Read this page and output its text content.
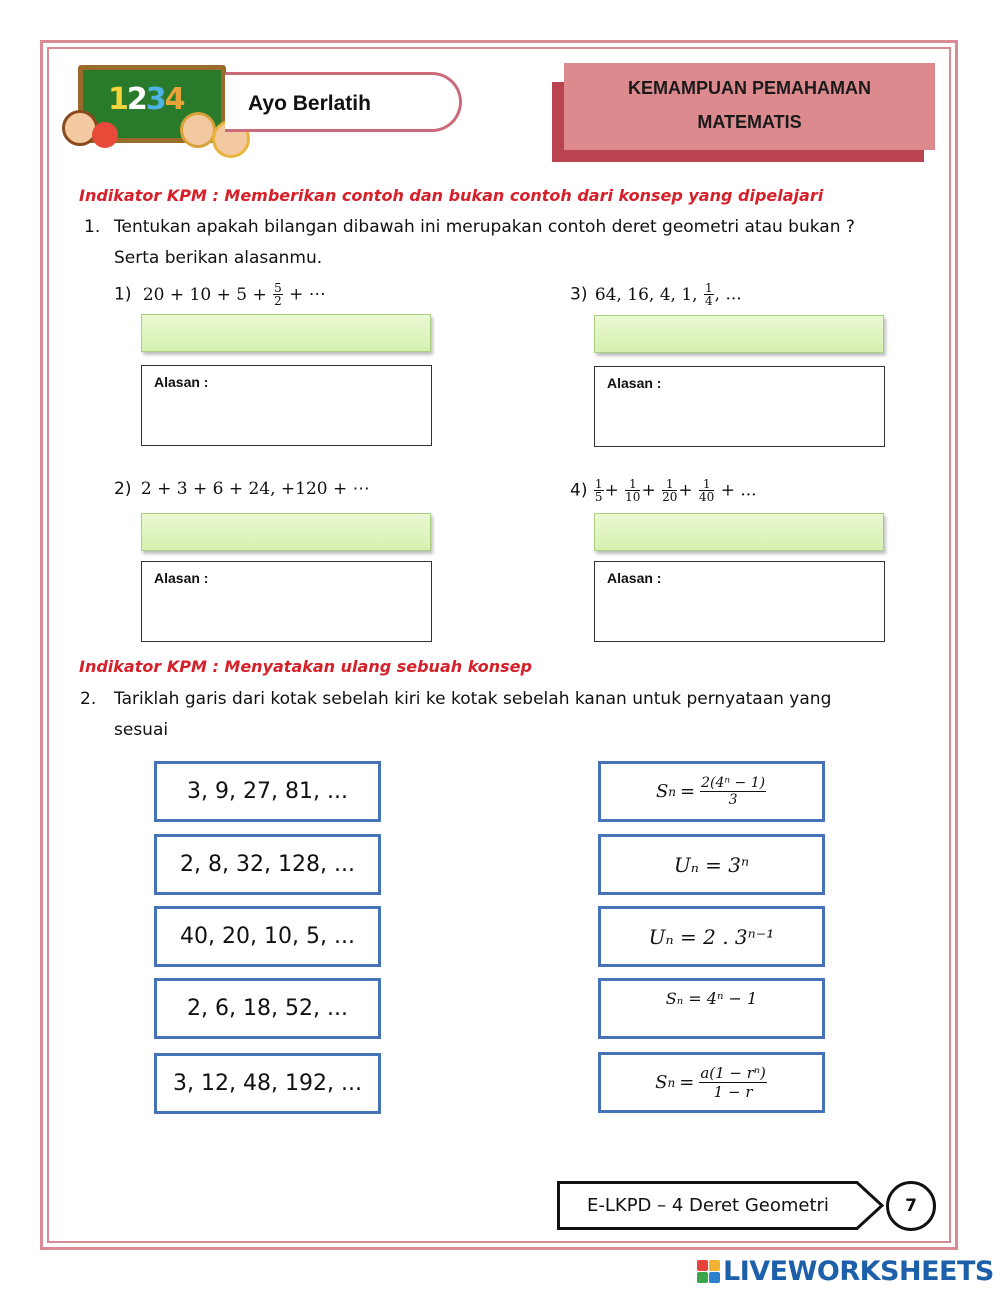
1234	Ayo Berlatih
KEMAMPUAN PEMAHAMAN
MATEMATIS
Indikator KPM : Memberikan contoh dan bukan contoh dari konsep yang dipelajari
1. Tentukan apakah bilangan dibawah ini merupakan contoh deret geometri atau bukan ?
Serta berikan alasanmu.
1) $20 + 10 + 5 + \frac{5}{2}$ + ⋯
Alasan :
3) 64, 16, 4, 1, $\frac{1}{4}$ , ...
Alasan :
2) 2 + 3 + 6 + 24, +120 + ⋯
Alasan :
$4) \frac{1}{5} + \frac{1}{10} + \frac{1}{20} + \frac{1}{40}$ + ...
Alasan :
Indikator KPM : Menyatakan ulang sebuah konsep
2. Tariklah garis dari kotak sebelah kiri ke kotak sebelah kanan untuk pernyataan yang
sesuai
3, 9, 27, 81, ...
2, 8, 32, 128, ...
40, 20, 10, 5, ...
2, 6, 18, 52, ...
3, 12, 48, 192, ...
S $n = \frac{\text{2(4ⁿ − 1)}}{3}$
Uₙ = 3ⁿ
Uₙ = 2 . 3ⁿ⁻¹
Sₙ = 4ⁿ − 1
S $n = \frac{\text{a(1 − rⁿ)}}{1 - r}$
E-LKPD – 4 Deret Geometri	7
LIVEWORKSHEETS
